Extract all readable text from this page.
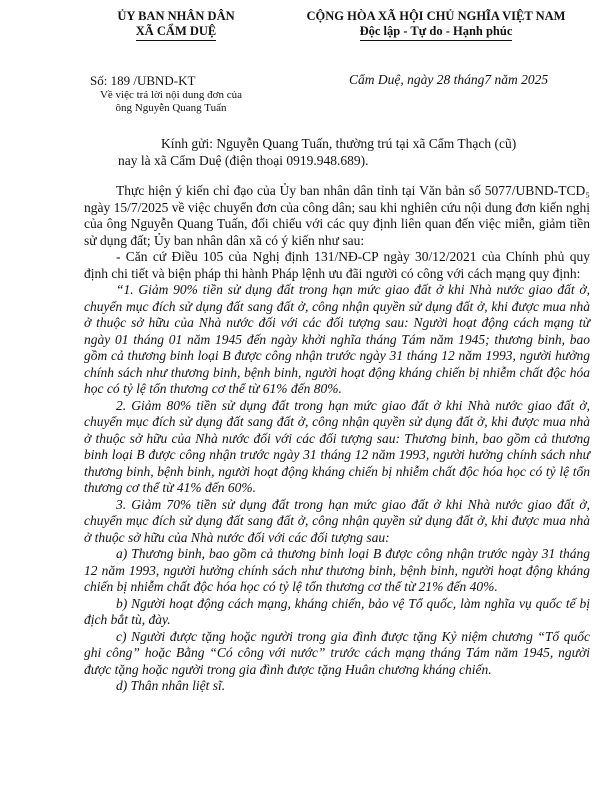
ỦY BAN NHÂN DÂN
XÃ CẨM DUỆ
CỘNG HÒA XÃ HỘI CHỦ NGHĨA VIỆT NAM
Độc lập - Tự do - Hạnh phúc
Số: 189 /UBND-KT
Về việc trả lời nội dung đơn của
ông Nguyễn Quang Tuấn
Cẩm Duệ, ngày 28 tháng7 năm 2025
Kính gửi: Nguyễn Quang Tuấn, thường trú tại xã Cẩm Thạch (cũ)
nay là xã Cẩm Duệ (điện thoại 0919.948.689).

Thực hiện ý kiến chỉ đạo của Ủy ban nhân dân tỉnh tại Văn bản số 5077/UBND-TCD₅ ngày 15/7/2025 về việc chuyển đơn của công dân; sau khi nghiên cứu nội dung đơn kiến nghị của ông Nguyễn Quang Tuấn, đối chiếu với các quy định liên quan đến việc miễn, giảm tiền sử dụng đất; Ủy ban nhân dân xã có ý kiến như sau:

- Căn cứ Điều 105 của Nghị định 131/NĐ-CP ngày 30/12/2021 của Chính phủ quy định chi tiết và biện pháp thi hành Pháp lệnh ưu đãi người có công với cách mạng quy định:

“1. Giảm 90% tiền sử dụng đất trong hạn mức giao đất ở khi Nhà nước giao đất ở, chuyển mục đích sử dụng đất sang đất ở, công nhận quyền sử dụng đất ở, khi được mua nhà ở thuộc sở hữu của Nhà nước đối với các đối tượng sau: Người hoạt động cách mạng từ ngày 01 tháng 01 năm 1945 đến ngày khởi nghĩa tháng Tám năm 1945; thương binh, bao gồm cả thương binh loại B được công nhận trước ngày 31 tháng 12 năm 1993, người hưởng chính sách như thương binh, bệnh binh, người hoạt động kháng chiến bị nhiễm chất độc hóa học có tỷ lệ tổn thương cơ thể từ 61% đến 80%.

2. Giảm 80% tiền sử dụng đất trong hạn mức giao đất ở khi Nhà nước giao đất ở, chuyển mục đích sử dụng đất sang đất ở, công nhận quyền sử dụng đất ở, khi được mua nhà ở thuộc sở hữu của Nhà nước đối với các đối tượng sau: Thương binh, bao gồm cả thương binh loại B được công nhận trước ngày 31 tháng 12 năm 1993, người hưởng chính sách như thương binh, bệnh binh, người hoạt động kháng chiến bị nhiễm chất độc hóa học có tỷ lệ tổn thương cơ thể từ 41% đến 60%.

3. Giảm 70% tiền sử dụng đất trong hạn mức giao đất ở khi Nhà nước giao đất ở, chuyển mục đích sử dụng đất sang đất ở, công nhận quyền sử dụng đất ở, khi được mua nhà ở thuộc sở hữu của Nhà nước đối với các đối tượng sau:

a) Thương binh, bao gồm cả thương binh loại B được công nhận trước ngày 31 tháng 12 năm 1993, người hưởng chính sách như thương binh, bệnh binh, người hoạt động kháng chiến bị nhiễm chất độc hóa học có tỷ lệ tổn thương cơ thể từ 21% đến 40%.

b) Người hoạt động cách mạng, kháng chiến, bảo vệ Tổ quốc, làm nghĩa vụ quốc tế bị địch bắt tù, đày.

c) Người được tặng hoặc người trong gia đình được tặng Kỷ niệm chương “Tổ quốc ghi công” hoặc Bằng “Có công với nước” trước cách mạng tháng Tám năm 1945, người được tặng hoặc người trong gia đình được tặng Huân chương kháng chiến.

d) Thân nhân liệt sĩ.
